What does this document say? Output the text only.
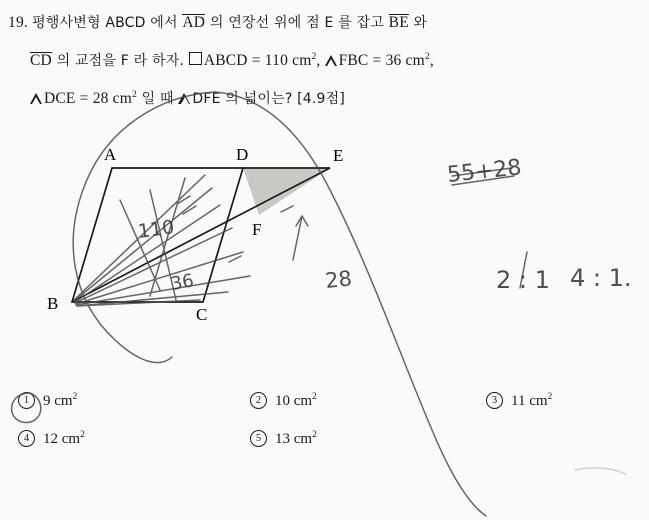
19. 평행사변형 ABCD 에서 AD 의 연장선 위에 점 E 를 잡고 BE 와
CD 의 교점을 F 라 하자. ABCD = 110 $cm^2$, FBC = 36 $cm^2$,
DCE = 28 $cm^2$ 일 때 DFE 의 넓이는? [4.9점]
A
B
C
D	E
F
1 9 $cm^2$	2 10 $cm^2$	3 11 $cm^2$
4 12 $cm^2$	5 13 $cm^2$
110
36	28
55+28
2 : 1 4 : 1.
